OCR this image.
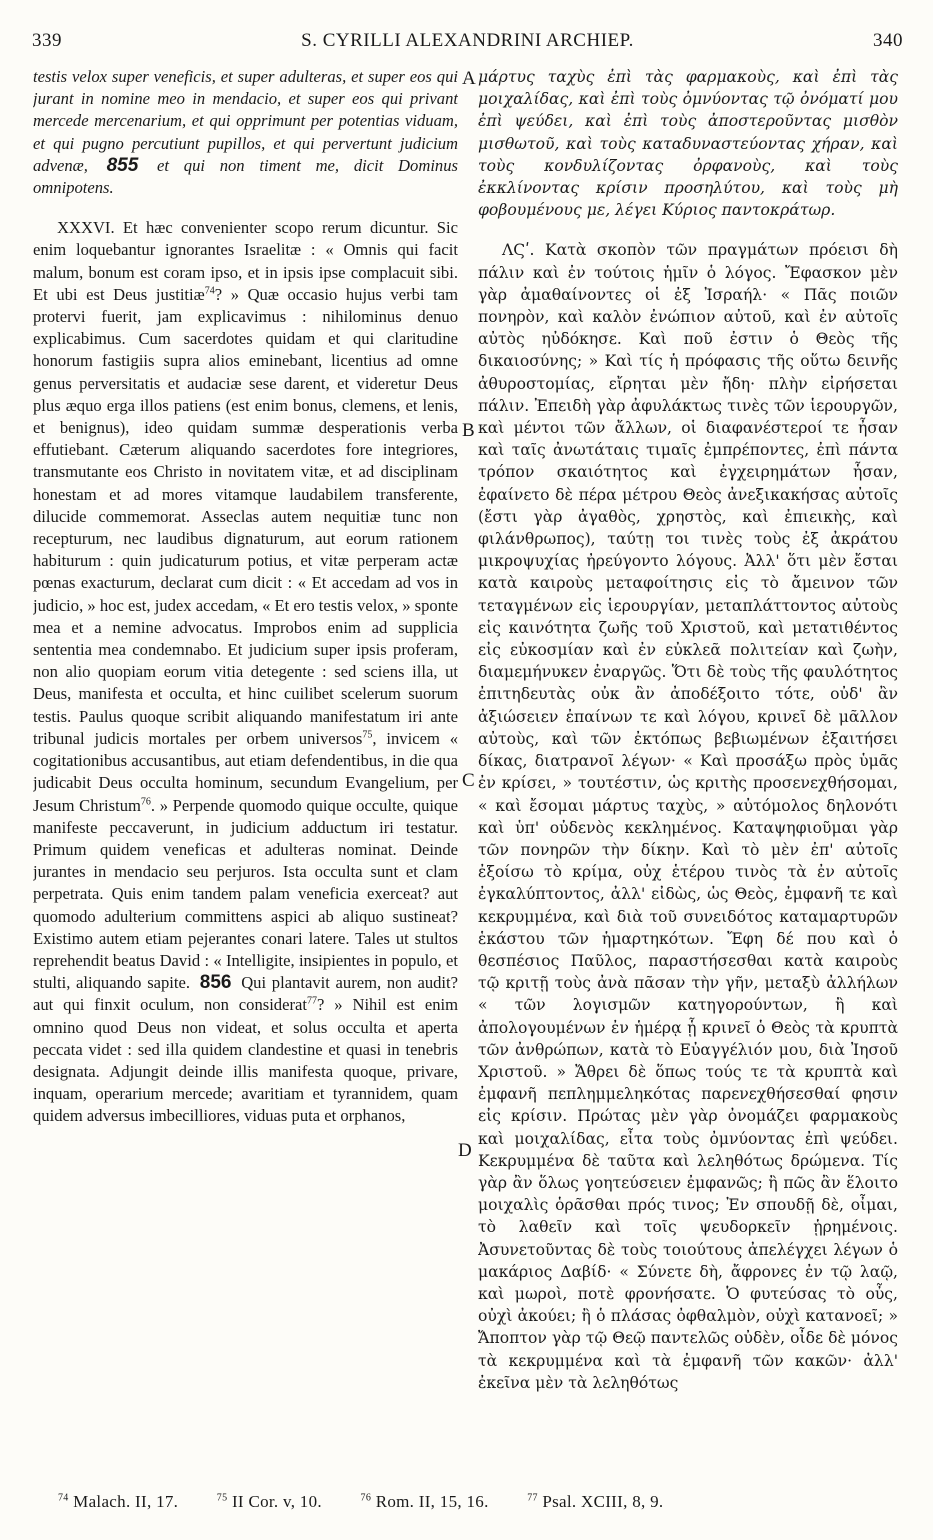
339	S. CYRILLI ALEXANDRINI ARCHIEP.	340
A
B
C
D

testis velox super veneficis, et super adulteras, et super eos qui jurant in nomine meo in mendacio, et super eos qui privant mercede mercenarium, et qui opprimunt per potentias viduam, et qui pugno percutiunt pupillos, et qui pervertunt judicium advenæ, 855 et qui non timent me, dicit Dominus omnipotens.

XXXVI. Et hæc convenienter scopo rerum dicuntur. Sic enim loquebantur ignorantes Israelitæ : « Omnis qui facit malum, bonum est coram ipso, et in ipsis ipse complacuit sibi. Et ubi est Deus justitiæ$^{74}$? » Quæ occasio hujus verbi tam protervi fuerit, jam explicavimus : nihilominus denuo explicabimus. Cum sacerdotes quidam et qui claritudine honorum fastigiis supra alios eminebant, licentius ad omne genus perversitatis et audaciæ sese darent, et videretur Deus plus æquo erga illos patiens (est enim bonus, clemens, et lenis, et benignus), ideo quidam summæ desperationis verba effutiebant. Cæterum aliquando sacerdotes fore integriores, transmutante eos Christo in novitatem vitæ, et ad disciplinam honestam et ad mores vitamque laudabilem transferente, dilucide commemorat. Asseclas autem nequitiæ tunc non recepturum, nec laudibus dignaturum, aut eorum rationem habiturum : quin judicaturum potius, et vitæ perperam actæ pœnas exacturum, declarat cum dicit : « Et accedam ad vos in judicio, » hoc est, judex accedam, « Et ero testis velox, » sponte mea et a nemine advocatus. Improbos enim ad supplicia sententia mea condemnabo. Et judicium super ipsis proferam, non alio quopiam eorum vitia detegente : sed sciens illa, ut Deus, manifesta et occulta, et hinc cuilibet scelerum suorum testis. Paulus quoque scribit aliquando manifestatum iri ante tribunal judicis mortales per orbem universos$^{75}$, invicem « cogitationibus accusantibus, aut etiam defendentibus, in die qua judicabit Deus occulta hominum, secundum Evangelium, per Jesum Christum$^{76}$. » Perpende quomodo quique occulte, quique manifeste peccaverunt, in judicium adductum iri testatur. Primum quidem veneficas et adulteras nominat. Deinde jurantes in mendacio seu perjuros. Ista occulta sunt et clam perpetrata. Quis enim tandem palam veneficia exerceat? aut quomodo adulterium committens aspici ab aliquo sustineat? Existimo autem etiam pejerantes conari latere. Tales ut stultos reprehendit beatus David : « Intelligite, insipientes in populo, et stulti, aliquando sapite. 856 Qui plantavit aurem, non audit? aut qui finxit oculum, non considerat$^{77}$? » Nihil est enim omnino quod Deus non videat, et solus occulta et aperta peccata videt : sed illa quidem clandestine et quasi in tenebris designata. Adjungit deinde illis manifesta quoque, privare, inquam, operarium mercede; avaritiam et tyrannidem, quam quidem adversus imbecilliores, viduas puta et orphanos,

μάρτυς ταχὺς ἐπὶ τὰς φαρμακοὺς, καὶ ἐπὶ τὰς μοιχαλίδας, καὶ ἐπὶ τοὺς ὀμνύοντας τῷ ὀνόματί μου ἐπὶ ψεύδει, καὶ ἐπὶ τοὺς ἀποστεροῦντας μισθὸν μισθωτοῦ, καὶ τοὺς καταδυναστεύοντας χήραν, καὶ τοὺς κονδυλίζοντας ὀρφανοὺς, καὶ τοὺς ἐκκλίνοντας κρίσιν προσηλύτου, καὶ τοὺς μὴ φοβουμένους με, λέγει Κύριος παντοκράτωρ.

ΛϚʹ. Κατὰ σκοπὸν τῶν πραγμάτων πρόεισι δὴ πάλιν καὶ ἐν τούτοις ἡμῖν ὁ λόγος. Ἔφασκον μὲν γὰρ ἀμαθαίνοντες οἱ ἐξ Ἰσραήλ· « Πᾶς ποιῶν πονηρὸν, καὶ καλὸν ἐνώπιον αὐτοῦ, καὶ ἐν αὐτοῖς αὐτὸς ηὐδόκησε. Καὶ ποῦ ἐστιν ὁ Θεὸς τῆς δικαιοσύνης; » Καὶ τίς ἡ πρόφασις τῆς οὕτω δεινῆς ἀθυροστομίας, εἴρηται μὲν ἤδη· πλὴν εἰρήσεται πάλιν. Ἐπειδὴ γὰρ ἀφυλάκτως τινὲς τῶν ἱερουργῶν, καὶ μέντοι τῶν ἄλλων, οἱ διαφανέστεροί τε ἦσαν καὶ ταῖς ἀνωτάταις τιμαῖς ἐμπρέποντες, ἐπὶ πάντα τρόπον σκαιότητος καὶ ἐγχειρημάτων ἧσαν, ἐφαίνετο δὲ πέρα μέτρου Θεὸς ἀνεξικακήσας αὐτοῖς (ἔστι γὰρ ἀγαθὸς, χρηστὸς, καὶ ἐπιεικὴς, καὶ φιλάνθρωπος), ταύτῃ τοι τινὲς τοὺς ἐξ ἀκράτου μικροψυχίας ἠρεύγοντο λόγους. Ἀλλ' ὅτι μὲν ἔσται κατὰ καιροὺς μεταφοίτησις εἰς τὸ ἄμεινον τῶν τεταγμένων εἰς ἱερουργίαν, μεταπλάττοντος αὐτοὺς εἰς καινότητα ζωῆς τοῦ Χριστοῦ, καὶ μετατιθέντος εἰς εὐκοσμίαν καὶ ἐν εὐκλεᾶ πολιτείαν καὶ ζωὴν, διαμεμήνυκεν ἐναργῶς. Ὅτι δὲ τοὺς τῆς φαυλότητος ἐπιτηδευτὰς οὐκ ἂν ἀποδέξοιτο τότε, οὐδ' ἂν ἀξιώσειεν ἐπαίνων τε καὶ λόγου, κρινεῖ δὲ μᾶλλον αὐτοὺς, καὶ τῶν ἐκτόπως βεβιωμένων ἐξαιτήσει δίκας, διατρανοῖ λέγων· « Καὶ προσάξω πρὸς ὑμᾶς ἐν κρίσει, » τουτέστιν, ὡς κριτὴς προσενεχθήσομαι, « καὶ ἔσομαι μάρτυς ταχὺς, » αὐτόμολος δηλονότι καὶ ὑπ' οὐδενὸς κεκλημένος. Καταψηφιοῦμαι γὰρ τῶν πονηρῶν τὴν δίκην. Καὶ τὸ μὲν ἐπ' αὐτοῖς ἐξοίσω τὸ κρίμα, οὐχ ἑτέρου τινὸς τὰ ἐν αὐτοῖς ἐγκαλύπτοντος, ἀλλ' εἰδὼς, ὡς Θεὸς, ἐμφανῆ τε καὶ κεκρυμμένα, καὶ διὰ τοῦ συνειδότος καταμαρτυρῶν ἑκάστου τῶν ἡμαρτηκότων. Ἔφη δέ που καὶ ὁ θεσπέσιος Παῦλος, παραστήσεσθαι κατὰ καιροὺς τῷ κριτῇ τοὺς ἀνὰ πᾶσαν τὴν γῆν, μεταξὺ ἀλλήλων « τῶν λογισμῶν κατηγορούντων, ἢ καὶ ἀπολογουμένων ἐν ἡμέρᾳ ᾗ κρινεῖ ὁ Θεὸς τὰ κρυπτὰ τῶν ἀνθρώπων, κατὰ τὸ Εὐαγγέλιόν μου, διὰ Ἰησοῦ Χριστοῦ. » Ἄθρει δὲ ὅπως τούς τε τὰ κρυπτὰ καὶ ἐμφανῆ πεπλημμεληκότας παρενεχθήσεσθαί φησιν εἰς κρίσιν. Πρώτας μὲν γὰρ ὀνομάζει φαρμακοὺς καὶ μοιχαλίδας, εἶτα τοὺς ὀμνύοντας ἐπὶ ψεύδει. Κεκρυμμένα δὲ ταῦτα καὶ λεληθότως δρώμενα. Τίς γὰρ ἂν ὅλως γοητεύσειεν ἐμφανῶς; ἢ πῶς ἂν ἕλοιτο μοιχαλὶς ὁρᾶσθαι πρός τινος; Ἐν σπουδῇ δὲ, οἶμαι, τὸ λαθεῖν καὶ τοῖς ψευδορκεῖν ᾑρημένοις. Ἀσυνετοῦντας δὲ τοὺς τοιούτους ἀπελέγχει λέγων ὁ μακάριος Δαβίδ· « Σύνετε δὴ, ἄφρονες ἐν τῷ λαῷ, καὶ μωροὶ, ποτὲ φρονήσατε. Ὁ φυτεύσας τὸ οὖς, οὐχὶ ἀκούει; ἢ ὁ πλάσας ὀφθαλμὸν, οὐχὶ κατανοεῖ; » Ἄποπτον γὰρ τῷ Θεῷ παντελῶς οὐδὲν, οἶδε δὲ μόνος τὰ κεκρυμμένα καὶ τὰ ἐμφανῆ τῶν κακῶν· ἀλλ' ἐκεῖνα μὲν τὰ λεληθότως

$^{74}$ Malach. II, 17.	$^{75}$ II Cor. v, 10.	$^{76}$ Rom. II, 15, 16.	$^{77}$ Psal. XCIII, 8, 9.
